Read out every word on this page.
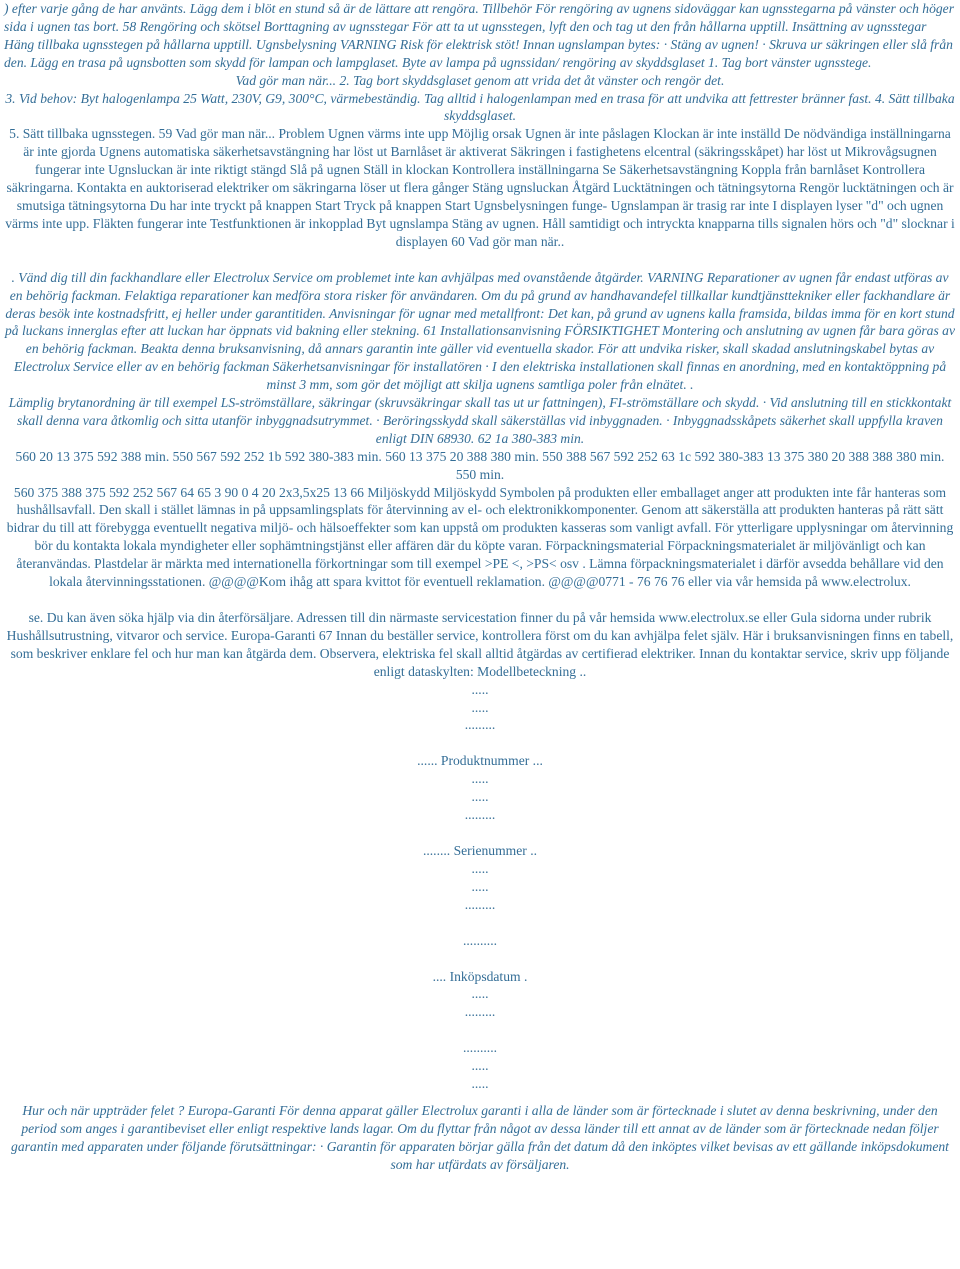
) efter varje gång de har använts. Lägg dem i blöt en stund så är de lättare att rengöra. Tillbehör För rengöring av ugnens sidoväggar kan ugnsstegarna på vänster och höger sida i ugnen tas bort. 58 Rengöring och skötsel Borttagning av ugnsstegar För att ta ut ugnsstegen, lyft den och tag ut den från hållarna upptill. Insättning av ugnsstegar Häng tillbaka ugnsstegen på hållarna upptill. Ugnsbelysning VARNING Risk för elektrisk stöt! Innan ugnslampan bytes: · Stäng av ugnen! · Skruva ur säkringen eller slå från den. Lägg en trasa på ugnsbotten som skydd för lampan och lampglaset. Byte av lampa på ugnssidan/ rengöring av skyddsglaset 1. Tag bort vänster ugnsstege.

Vad gör man när... 2. Tag bort skyddsglaset genom att vrida det åt vänster och rengör det.

3. Vid behov: Byt halogenlampa 25 Watt, 230V, G9, 300°C, värmebeständig. Tag alltid i halogenlampan med en trasa för att undvika att fettrester bränner fast. 4. Sätt tillbaka skyddsglaset.

5. Sätt tillbaka ugnsstegen. 59 Vad gör man när... Problem Ugnen värms inte upp Möjlig orsak Ugnen är inte påslagen Klockan är inte inställd De nödvändiga inställningarna är inte gjorda Ugnens automatiska säkerhetsavstängning har löst ut Barnlåset är aktiverat Säkringen i fastighetens elcentral (säkringsskåpet) har löst ut Mikrovågsugnen fungerar inte Ugnsluckan är inte riktigt stängd Slå på ugnen Ställ in klockan Kontrollera inställningarna Se Säkerhetsavstängning Koppla från barnlåset Kontrollera säkringarna. Kontakta en auktoriserad elektriker om säkringarna löser ut flera gånger Stäng ugnsluckan Åtgärd Lucktätningen och tätningsytorna Rengör lucktätningen och är smutsiga tätningsytorna Du har inte tryckt på knappen Start Tryck på knappen Start Ugnsbelysningen funge- Ugnslampan är trasig rar inte I displayen lyser "d" och ugnen värms inte upp. Fläkten fungerar inte Testfunktionen är inkopplad Byt ugnslampa Stäng av ugnen. Håll samtidigt och intryckta knapparna tills signalen hörs och "d" slocknar i displayen 60 Vad gör man när..

. Vänd dig till din fackhandlare eller Electrolux Service om problemet inte kan avhjälpas med ovanstående åtgärder. VARNING Reparationer av ugnen får endast utföras av en behörig fackman. Felaktiga reparationer kan medföra stora risker för användaren. Om du på grund av handhavandefel tillkallar kundtjänsttekniker eller fackhandlare är deras besök inte kostnadsfritt, ej heller under garantitiden. Anvisningar för ugnar med metallfront: Det kan, på grund av ugnens kalla framsida, bildas imma för en kort stund på luckans innerglas efter att luckan har öppnats vid bakning eller stekning. 61 Installationsanvisning FÖRSIKTIGHET Montering och anslutning av ugnen får bara göras av en behörig fackman. Beakta denna bruksanvisning, då annars garantin inte gäller vid eventuella skador. För att undvika risker, skall skadad anslutningskabel bytas av Electrolux Service eller av en behörig fackman Säkerhetsanvisningar för installatören · I den elektriska installationen skall finnas en anordning, med en kontaktöppning på minst 3 mm, som gör det möjligt att skilja ugnens samtliga poler från elnätet. .

Lämplig brytanordning är till exempel LS-strömställare, säkringar (skruvsäkringar skall tas ut ur fattningen), FI-strömställare och skydd. · Vid anslutning till en stickkontakt skall denna vara åtkomlig och sitta utanför inbyggnadsutrymmet. · Beröringsskydd skall säkerställas vid inbyggnaden. · Inbyggnadsskåpets säkerhet skall uppfylla kraven enligt DIN 68930. 62 1a 380-383 min.

560 20 13 375 592 388 min. 550 567 592 252 1b 592 380-383 min. 560 13 375 20 388 380 min. 550 388 567 592 252 63 1c 592 380-383 13 375 380 20 388 388 380 min. 550 min.

560 375 388 375 592 252 567 64 65 3 90 0 4 20 2x3,5x25 13 66 Miljöskydd Miljöskydd Symbolen på produkten eller emballaget anger att produkten inte får hanteras som hushållsavfall. Den skall i stället lämnas in på uppsamlingsplats för återvinning av el- och elektronikkomponenter. Genom att säkerställa att produkten hanteras på rätt sätt bidrar du till att förebygga eventuellt negativa miljö- och hälsoeffekter som kan uppstå om produkten kasseras som vanligt avfall. För ytterligare upplysningar om återvinning bör du kontakta lokala myndigheter eller sophämtningstjänst eller affären där du köpte varan. Förpackningsmaterial Förpackningsmaterialet är miljövänligt och kan återanvändas. Plastdelar är märkta med internationella förkortningar som till exempel >PE <, >PS< osv . Lämna förpackningsmaterialet i därför avsedda behållare vid den lokala återvinningsstationen. @@@@Kom ihåg att spara kvittot för eventuell reklamation. @@@@0771 - 76 76 76 eller via vår hemsida på www.electrolux.

se. Du kan även söka hjälp via din återförsäljare. Adressen till din närmaste servicestation finner du på vår hemsida www.electrolux.se eller Gula sidorna under rubrik Hushållsutrustning, vitvaror och service. Europa-Garanti 67 Innan du beställer service, kontrollera först om du kan avhjälpa felet själv. Här i bruksanvisningen finns en tabell, som beskriver enklare fel och hur man kan åtgärda dem. Observera, elektriska fel skall alltid åtgärdas av certifierad elektriker. Innan du kontaktar service, skriv upp följande enligt dataskylten: Modellbeteckning ..

.....

.....

.........

...... Produktnummer ...

.....

.....

.........

........ Serienummer ..

.....

.....

.........

..........

.... Inköpsdatum .

.....

.........

..........

.....

.....

Hur och när uppträder felet ? Europa-Garanti För denna apparat gäller Electrolux garanti i alla de länder som är förtecknade i slutet av denna beskrivning, under den period som anges i garantibeviset eller enligt respektive lands lagar. Om du flyttar från något av dessa länder till ett annat av de länder som är förtecknade nedan följer garantin med apparaten under följande förutsättningar: · Garantin för apparaten börjar gälla från det datum då den inköptes vilket bevisas av ett gällande inköpsdokument som har utfärdats av försäljaren.
